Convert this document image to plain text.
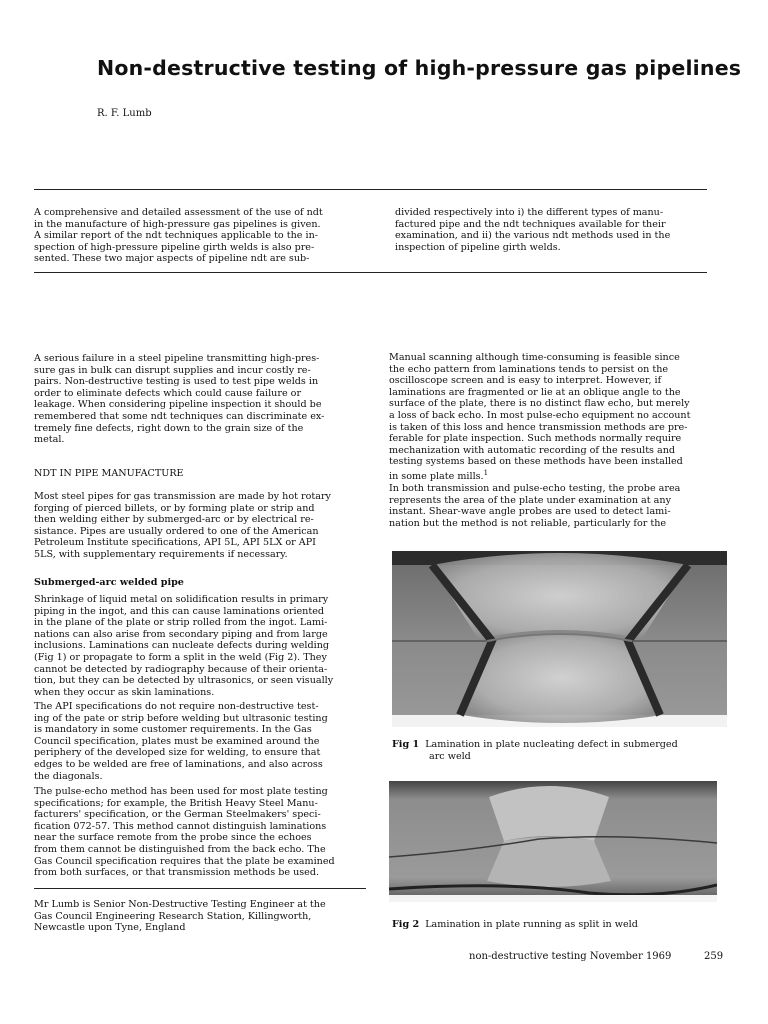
Non-destructive testing of high-pressure gas pipelines
R. F. Lumb
A comprehensive and detailed assessment of the use of ndt
in the manufacture of high-pressure gas pipelines is given.
A similar report of the ndt techniques applicable to the in-
spection of high-pressure pipeline girth welds is also pre-
sented. These two major aspects of pipeline ndt are sub-
divided respectively into i) the different types of manu-
factured pipe and the ndt techniques available for their
examination, and ii) the various ndt methods used in the
inspection of pipeline girth welds.
A serious failure in a steel pipeline transmitting high-pres-
sure gas in bulk can disrupt supplies and incur costly re-
pairs. Non-destructive testing is used to test pipe welds in
order to eliminate defects which could cause failure or
leakage. When considering pipeline inspection it should be
remembered that some ndt techniques can discriminate ex-
tremely fine defects, right down to the grain size of the
metal.
NDT IN PIPE MANUFACTURE
Most steel pipes for gas transmission are made by hot rotary
forging of pierced billets, or by forming plate or strip and
then welding either by submerged-arc or by electrical re-
sistance. Pipes are usually ordered to one of the American
Petroleum Institute specifications, API 5L, API 5LX or API
5LS, with supplementary requirements if necessary.
Submerged-arc welded pipe
Shrinkage of liquid metal on solidification results in primary
piping in the ingot, and this can cause laminations oriented
in the plane of the plate or strip rolled from the ingot. Lami-
nations can also arise from secondary piping and from large
inclusions. Laminations can nucleate defects during welding
(Fig 1) or propagate to form a split in the weld (Fig 2). They
cannot be detected by radiography because of their orienta-
tion, but they can be detected by ultrasonics, or seen visually
when they occur as skin laminations.
The API specifications do not require non-destructive test-
ing of the pate or strip before welding but ultrasonic testing
is mandatory in some customer requirements. In the Gas
Council specification, plates must be examined around the
periphery of the developed size for welding, to ensure that
edges to be welded are free of laminations, and also across
the diagonals.
The pulse-echo method has been used for most plate testing
specifications; for example, the British Heavy Steel Manu-
facturers' specification, or the German Steelmakers' speci-
fication 072-57. This method cannot distinguish laminations
near the surface remote from the probe since the echoes
from them cannot be distinguished from the back echo. The
Gas Council specification requires that the plate be examined
from both surfaces, or that transmission methods be used.
Mr Lumb is Senior Non-Destructive Testing Engineer at the
Gas Council Engineering Research Station, Killingworth,
Newcastle upon Tyne, England
Manual scanning although time-consuming is feasible since
the echo pattern from laminations tends to persist on the
oscilloscope screen and is easy to interpret. However, if
laminations are fragmented or lie at an oblique angle to the
surface of the plate, there is no distinct flaw echo, but merely
a loss of back echo. In most pulse-echo equipment no account
is taken of this loss and hence transmission methods are pre-
ferable for plate inspection. Such methods normally require
mechanization with automatic recording of the results and
testing systems based on these methods have been installed
in some plate mills.$^1$
In both transmission and pulse-echo testing, the probe area
represents the area of the plate under examination at any
instant. Shear-wave angle probes are used to detect lami-
nation but the method is not reliable, particularly for the
Fig 1 Lamination in plate nucleating defect in submerged
arc weld
Fig 2 Lamination in plate running as split in weld
non-destructive testing November 1969	259
